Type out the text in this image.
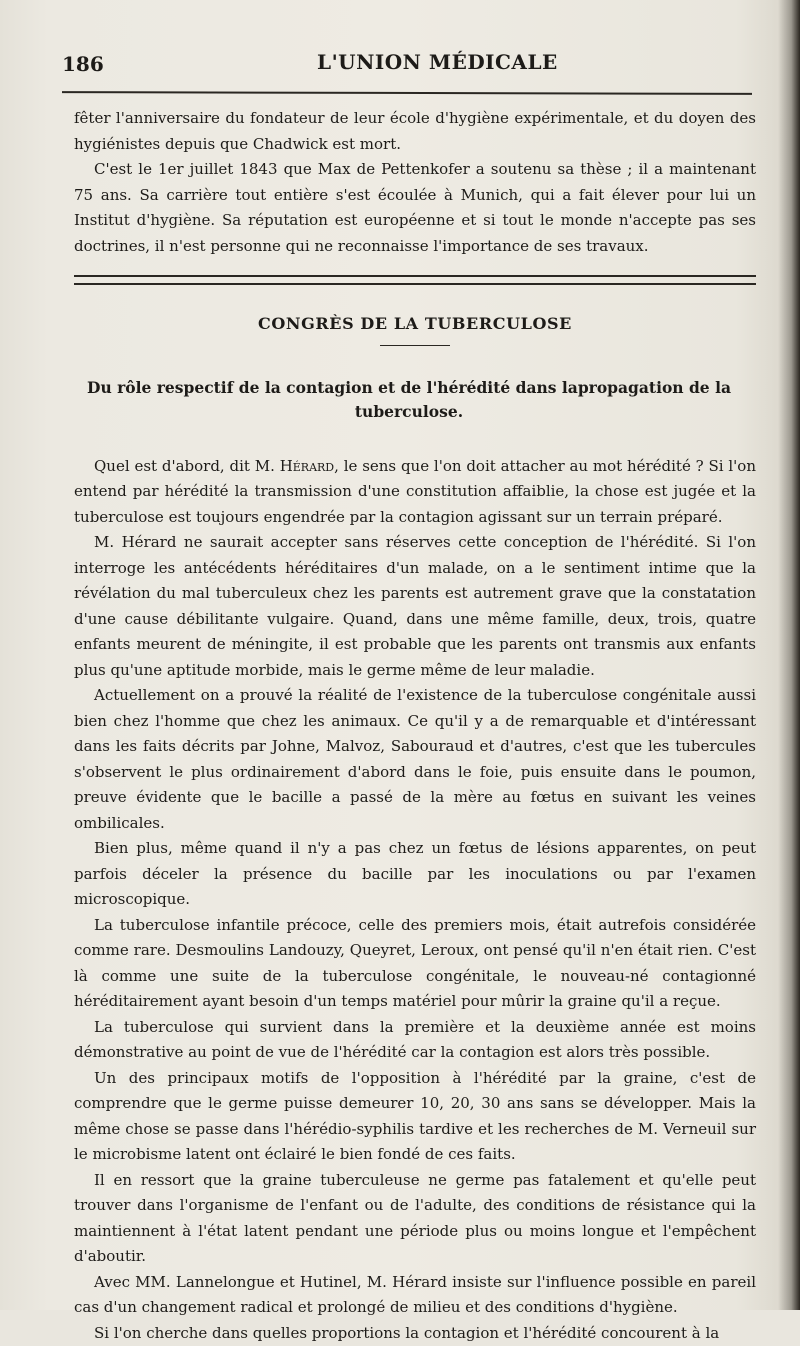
186	L'UNION MÉDICALE

fêter l'anniversaire du fondateur de leur école d'hygiène expérimentale, et du doyen des hygiénistes depuis que Chadwick est mort.

C'est le 1er juillet 1843 que Max de Pettenkofer a soutenu sa thèse ; il a maintenant 75 ans. Sa carrière tout entière s'est écoulée à Munich, qui a fait élever pour lui un Institut d'hygiène. Sa réputation est européenne et si tout le monde n'accepte pas ses doctrines, il n'est personne qui ne reconnaisse l'importance de ses travaux.

CONGRÈS DE LA TUBERCULOSE
Du rôle respectif de la contagion et de l'hérédité dans lapropagation de la tuberculose.

Quel est d'abord, dit M. Hérard, le sens que l'on doit attacher au mot hérédité ? Si l'on entend par hérédité la transmission d'une constitution affaiblie, la chose est jugée et la tuberculose est toujours engendrée par la contagion agissant sur un terrain préparé.

M. Hérard ne saurait accepter sans réserves cette conception de l'hérédité. Si l'on interroge les antécédents héréditaires d'un malade, on a le sentiment intime que la révélation du mal tuberculeux chez les parents est autrement grave que la constatation d'une cause débilitante vulgaire. Quand, dans une même famille, deux, trois, quatre enfants meurent de méningite, il est probable que les parents ont transmis aux enfants plus qu'une aptitude morbide, mais le germe même de leur maladie.

Actuellement on a prouvé la réalité de l'existence de la tuberculose congénitale aussi bien chez l'homme que chez les animaux. Ce qu'il y a de remarquable et d'intéressant dans les faits décrits par Johne, Malvoz, Sabouraud et d'autres, c'est que les tubercules s'observent le plus ordinairement d'abord dans le foie, puis ensuite dans le poumon, preuve évidente que le bacille a passé de la mère au fœtus en suivant les veines ombilicales.

Bien plus, même quand il n'y a pas chez un fœtus de lésions apparentes, on peut parfois déceler la présence du bacille par les inoculations ou par l'examen microscopique.

La tuberculose infantile précoce, celle des premiers mois, était autrefois considérée comme rare. Desmoulins Landouzy, Queyret, Leroux, ont pensé qu'il n'en était rien. C'est là comme une suite de la tuberculose congénitale, le nouveau-né contagionné héréditairement ayant besoin d'un temps matériel pour mûrir la graine qu'il a reçue.

La tuberculose qui survient dans la première et la deuxième année est moins démonstrative au point de vue de l'hérédité car la contagion est alors très possible.

Un des principaux motifs de l'opposition à l'hérédité par la graine, c'est de comprendre que le germe puisse demeurer 10, 20, 30 ans sans se développer. Mais la même chose se passe dans l'hérédio-syphilis tardive et les recherches de M. Verneuil sur le microbisme latent ont éclairé le bien fondé de ces faits.

Il en ressort que la graine tuberculeuse ne germe pas fatalement et qu'elle peut trouver dans l'organisme de l'enfant ou de l'adulte, des conditions de résistance qui la maintiennent à l'état latent pendant une période plus ou moins longue et l'empêchent d'aboutir.

Avec MM. Lannelongue et Hutinel, M. Hérard insiste sur l'influence possible en pareil cas d'un changement radical et prolongé de milieu et des conditions d'hygiène.

Si l'on cherche dans quelles proportions la contagion et l'hérédité concourent à la
